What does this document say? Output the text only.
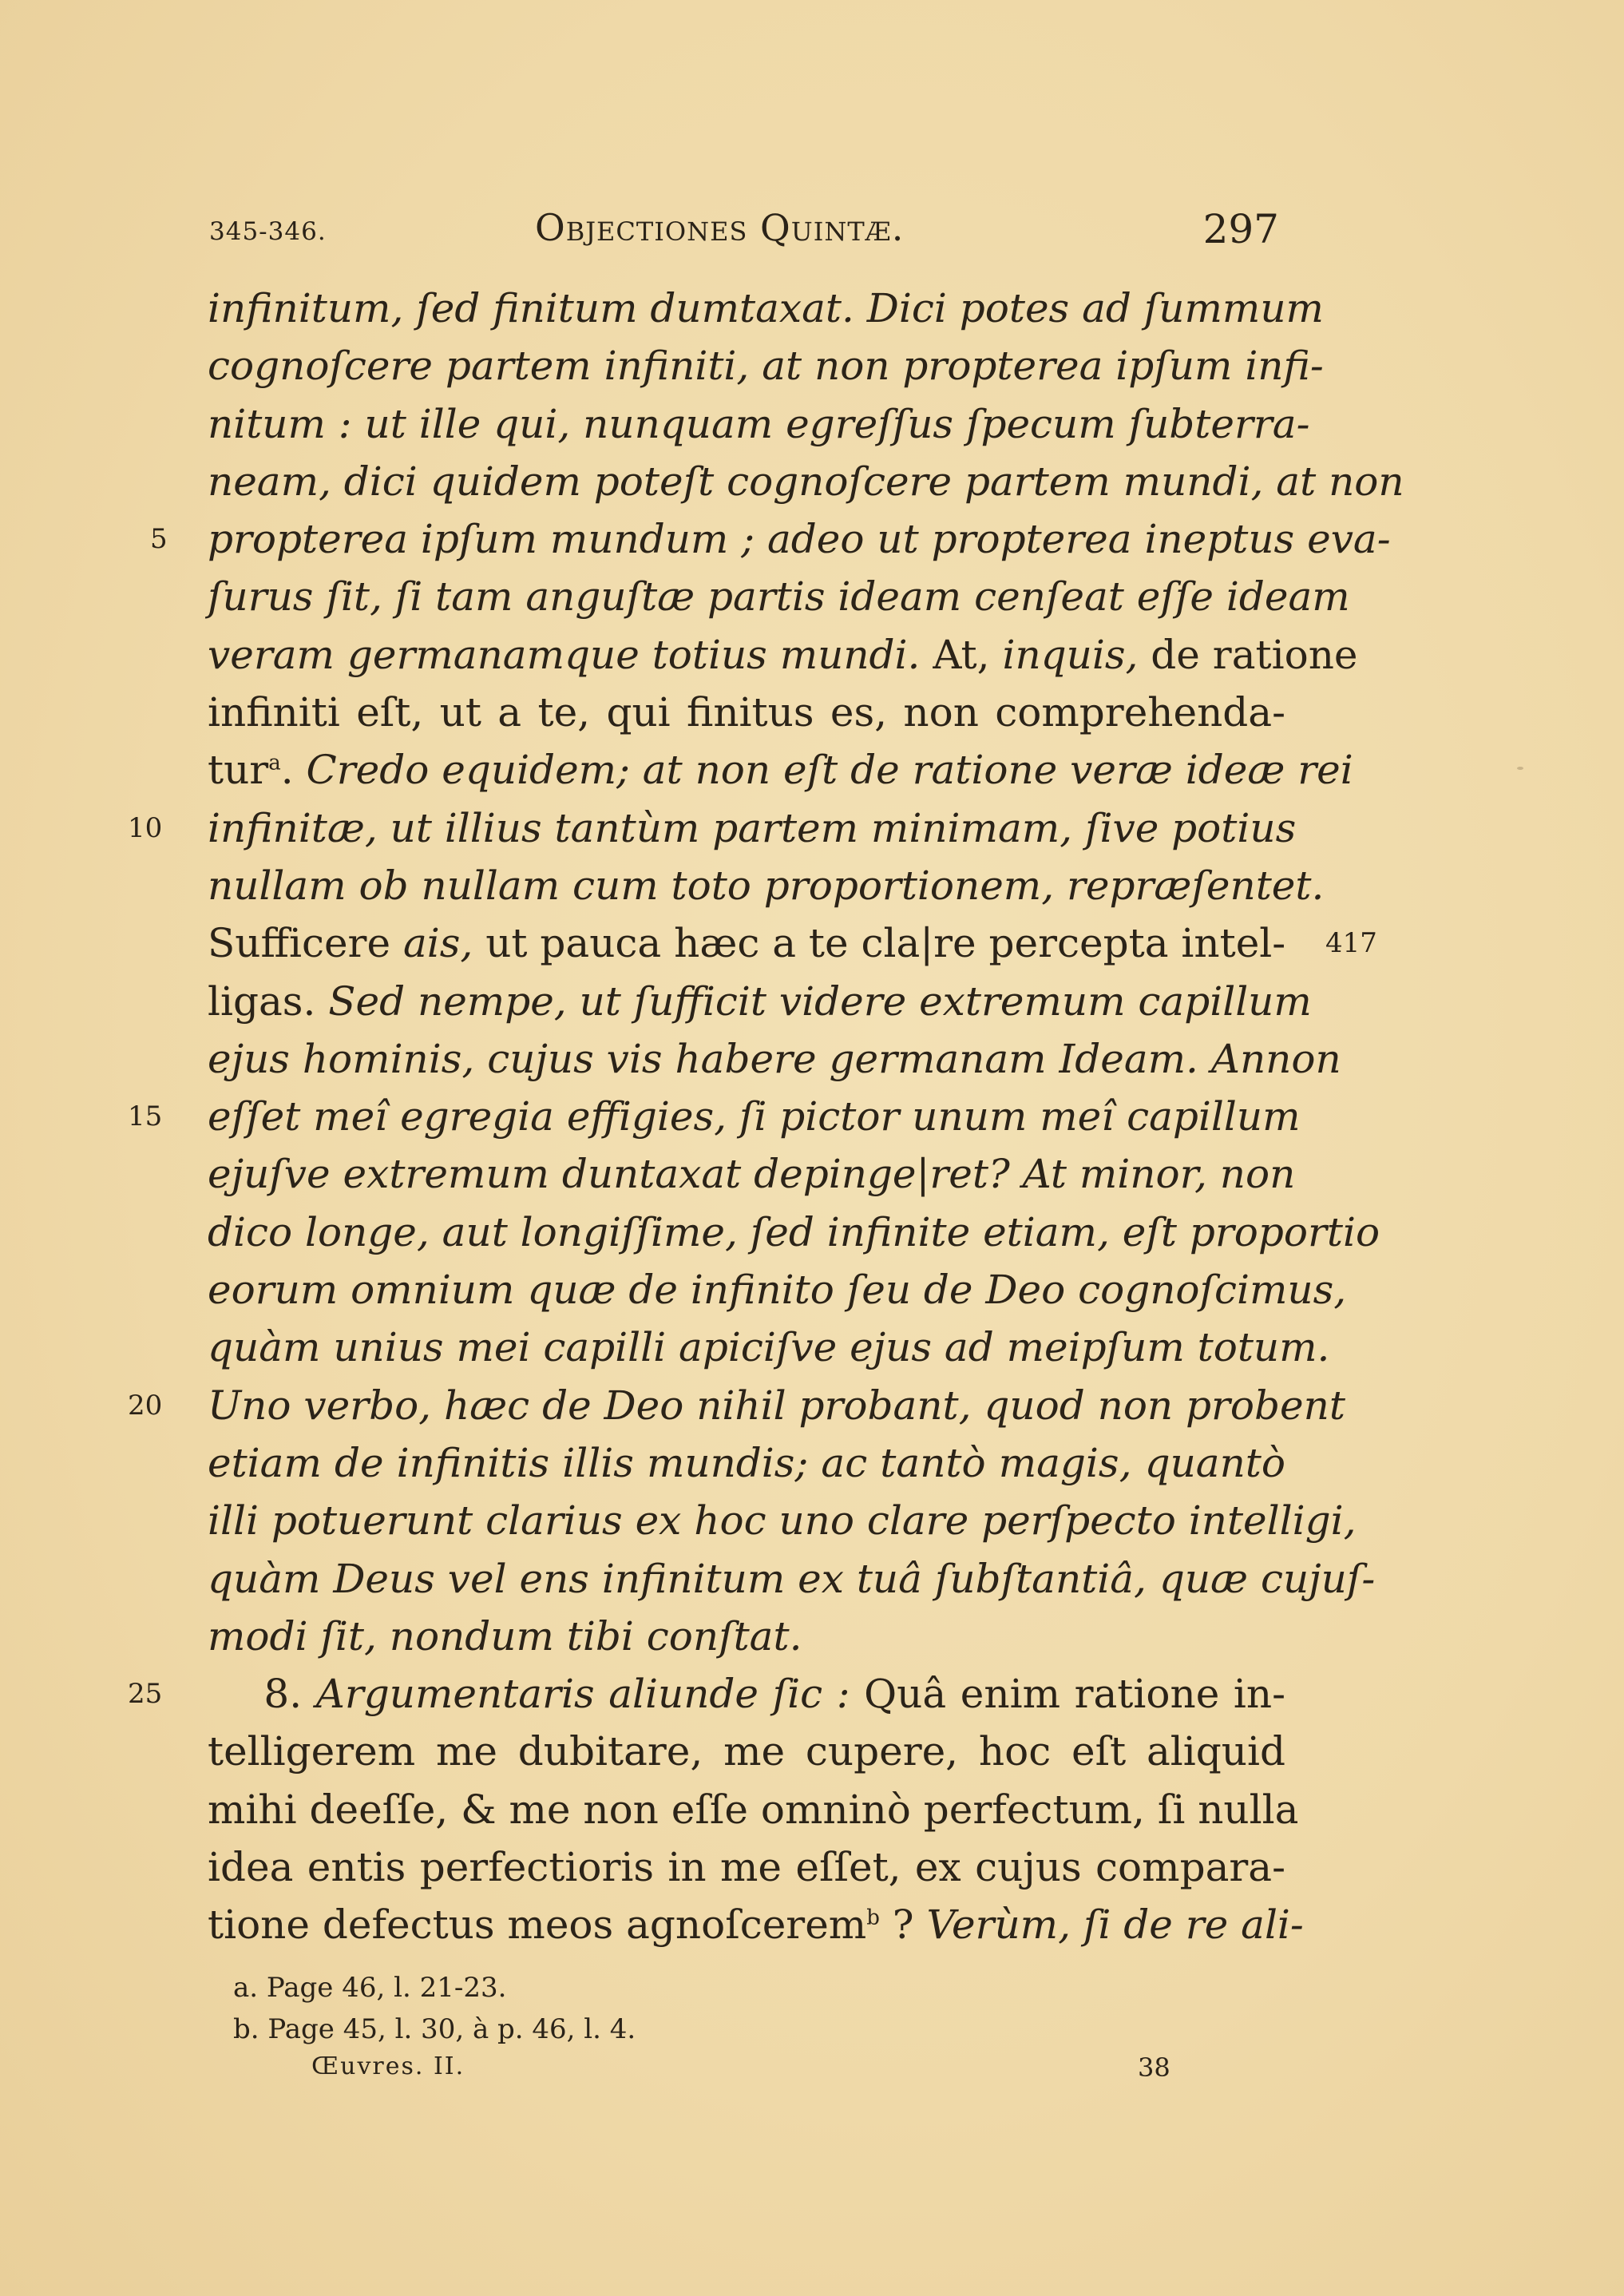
345-346.	Objectiones Quintæ.	297
infinitum, ſed finitum dumtaxat. Dici potes ad ſummum
cognoſcere partem infiniti, at non propterea ipſum infi-
nitum : ut ille qui, nunquam egreſſus ſpecum ſubterra-
neam, dici quidem poteſt cognoſcere partem mundi, at non
propterea ipſum mundum ; adeo ut propterea ineptus eva-
ſurus ſit, ſi tam anguſtæ partis ideam cenſeat eſſe ideam
veram germanamque totius mundi. At, inquis, de ratione
infiniti eſt, ut a te, qui finitus es, non comprehenda-
tur$^a$. Credo equidem; at non eſt de ratione veræ ideæ rei
infinitæ, ut illius tantùm partem minimam, ſive potius
nullam ob nullam cum toto proportionem, repræſentet.
Sufficere ais, ut pauca hæc a te cla|re percepta intel-
ligas. Sed nempe, ut ſufficit videre extremum capillum
ejus hominis, cujus vis habere germanam Ideam. Annon
eſſet meî egregia effigies, ſi pictor unum meî capillum
ejuſve extremum duntaxat depinge|ret? At minor, non
dico longe, aut longiſſime, ſed infinite etiam, eſt proportio
eorum omnium quæ de infinito ſeu de Deo cognoſcimus,
quàm unius mei capilli apiciſve ejus ad meipſum totum.
Uno verbo, hæc de Deo nihil probant, quod non probent
etiam de infinitis illis mundis; ac tantò magis, quantò
illi potuerunt clarius ex hoc uno clare perſpecto intelligi,
quàm Deus vel ens infinitum ex tuâ ſubſtantiâ, quæ cujuſ-
modi ſit, nondum tibi conſtat.
8. Argumentaris aliunde ſic : Quâ enim ratione in-
telligerem me dubitare, me cupere, hoc eſt aliquid
mihi deeſſe, & me non eſſe omninò perfectum, ſi nulla
idea entis perfectioris in me eſſet, ex cujus compara-
tione defectus meos agnoſcerem$^b$ ? Verùm, ſi de re ali-
5
10
15
20
25
417
a. Page 46, l. 21-23.
b. Page 45, l. 30, à p. 46, l. 4.
Œuvres. II.	38
